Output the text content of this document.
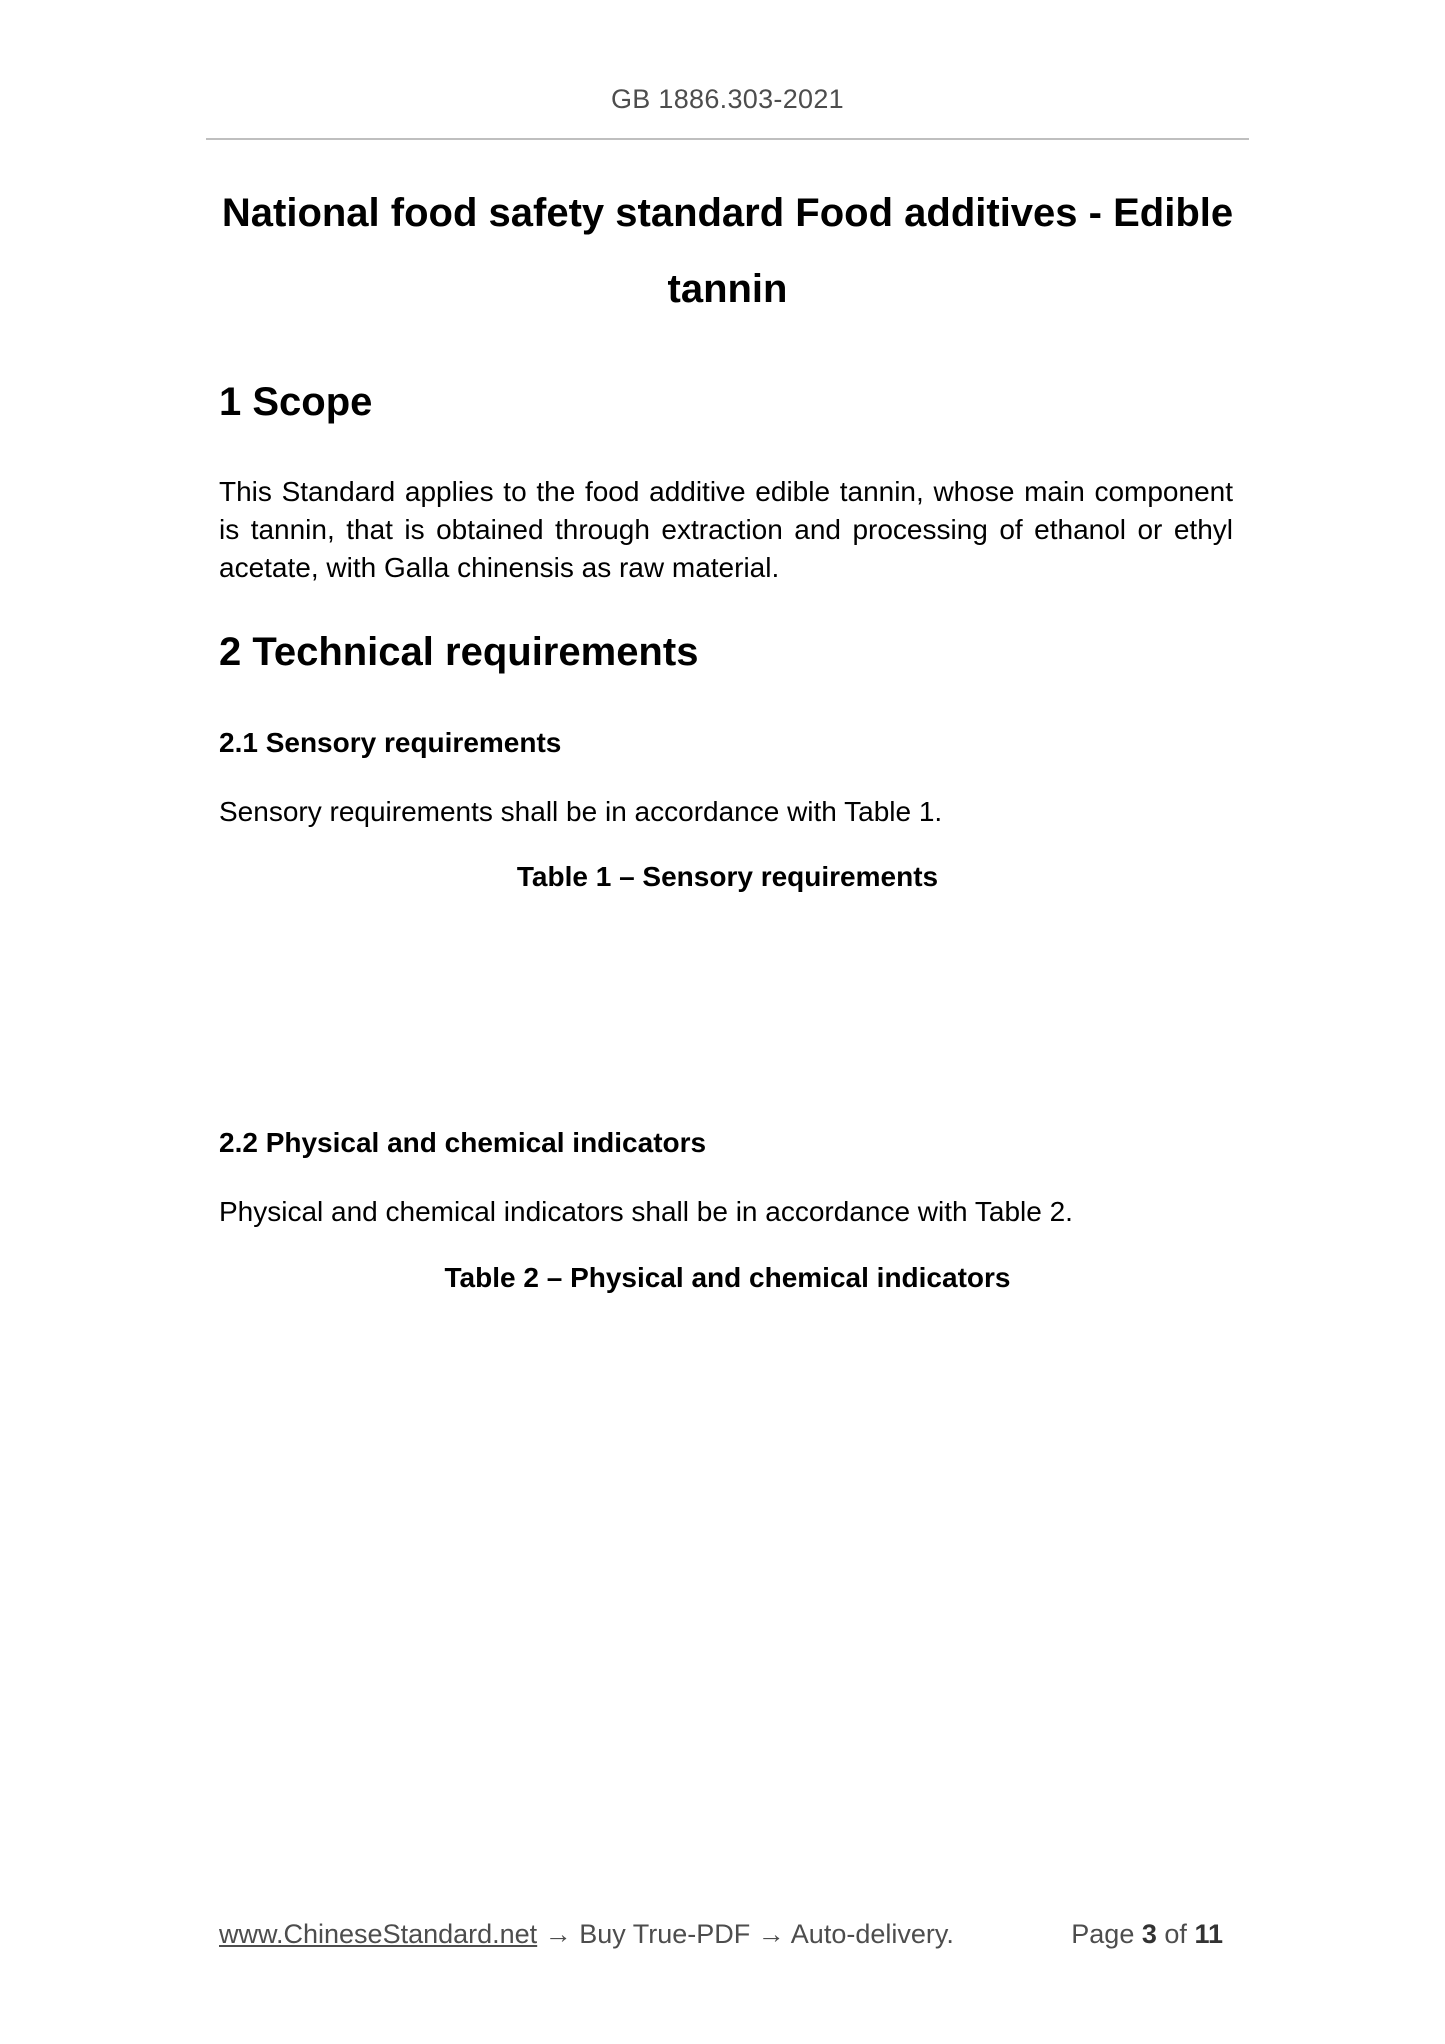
GB 1886.303-2021
National food safety standard Food additives - Edible
tannin
1 Scope

This Standard applies to the food additive edible tannin, whose main component is tannin, that is obtained through extraction and processing of ethanol or ethyl acetate, with Galla chinensis as raw material.

2 Technical requirements
2.1 Sensory requirements

Sensory requirements shall be in accordance with Table 1.

Table 1 – Sensory requirements

2.2 Physical and chemical indicators

Physical and chemical indicators shall be in accordance with Table 2.

Table 2 – Physical and chemical indicators

www.ChineseStandard.net → Buy True-PDF → Auto-delivery.	Page 3 of 11
